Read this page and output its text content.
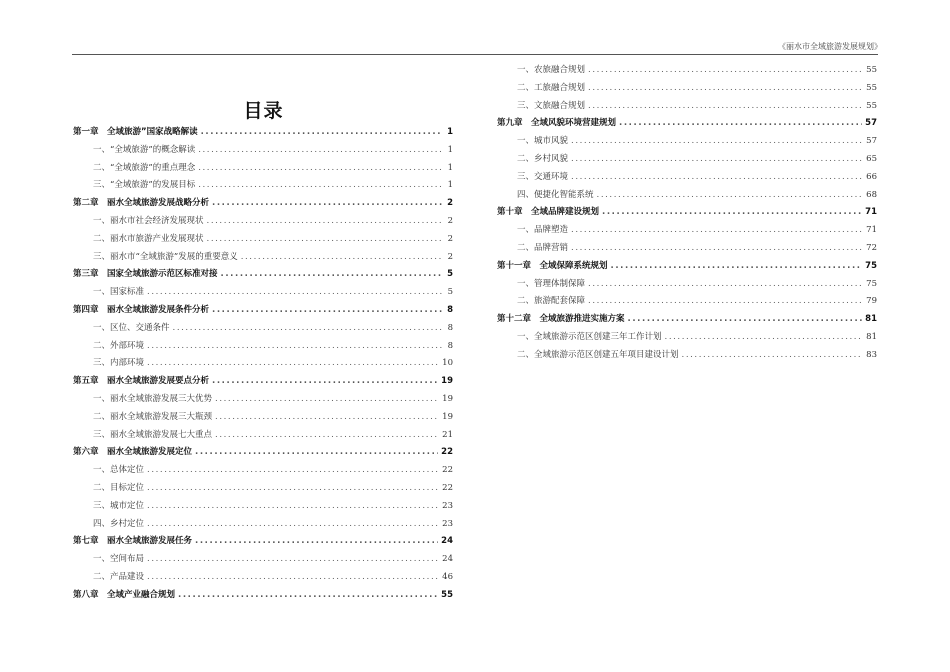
《丽水市全域旅游发展规划》
目录
第一章　全域旅游”国家战略解读 .....	1
一、“全域旅游”的概念解读 .....	1
二、“全域旅游”的重点理念 .....	1
三、“全域旅游”的发展目标 .....	1
第二章　丽水全域旅游发展战略分析 .....	2
一、丽水市社会经济发展现状 .....	2
二、丽水市旅游产业发展现状 .....	2
三、丽水市“全域旅游”发展的重要意义 .....	2
第三章　国家全域旅游示范区标准对接 .....	5
一、国家标准 .....	5
第四章　丽水全域旅游发展条件分析 .....	8
一、区位、交通条件 .....	8
二、外部环境 .....	8
三、内部环境 .....	10
第五章　丽水全域旅游发展要点分析 .....	19
一、丽水全域旅游发展三大优势 .....	19
二、丽水全域旅游发展三大瓶颈 .....	19
三、丽水全域旅游发展七大重点 .....	21
第六章　丽水全域旅游发展定位 .....	22
一、总体定位 .....	22
二、目标定位 .....	22
三、城市定位 .....	23
四、乡村定位 .....	23
第七章　丽水全域旅游发展任务 .....	24
一、空间布局 .....	24
二、产品建设 .....	46
第八章　全域产业融合规划 .....	55
一、农旅融合规划 .....	55
二、工旅融合规划 .....	55
三、文旅融合规划 .....	55
第九章　全域风貌环境营建规划 .....	57
一、城市风貌 .....	57
二、乡村风貌 .....	65
三、交通环境 .....	66
四、便捷化智能系统 .....	68
第十章　全域品牌建设规划 .....	71
一、品牌塑造 .....	71
二、品牌营销 .....	72
第十一章　全域保障系统规划 .....	75
一、管理体制保障 .....	75
二、旅游配套保障 .....	79
第十二章　全域旅游推进实施方案 .....	81
一、全域旅游示范区创建三年工作计划 .....	81
二、全域旅游示范区创建五年项目建设计划 .....	83
